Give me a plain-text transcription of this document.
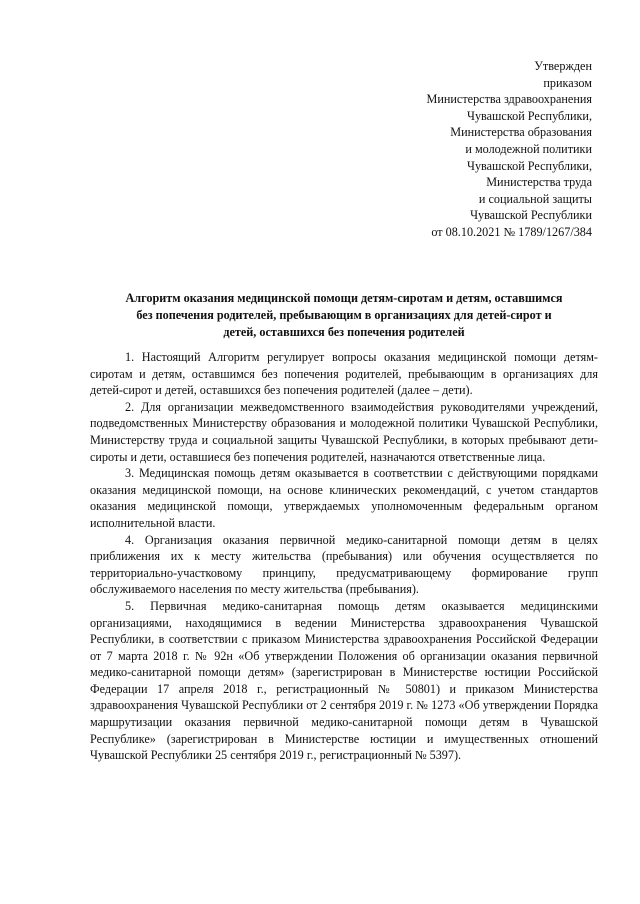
Утвержден
приказом
Министерства здравоохранения
Чувашской Республики,
Министерства образования
и молодежной политики
Чувашской Республики,
Министерства труда
и социальной защиты
Чувашской Республики
от 08.10.2021 № 1789/1267/384
Алгоритм оказания медицинской помощи детям-сиротам и детям, оставшимся
без попечения родителей, пребывающим в организациях для детей-сирот и
детей, оставшихся без попечения родителей

1. Настоящий Алгоритм регулирует вопросы оказания медицинской помощи детям-сиротам и детям, оставшимся без попечения родителей, пребывающим в организациях для детей-сирот и детей, оставшихся без попечения родителей (далее – дети).

2. Для организации межведомственного взаимодействия руководителями учреждений, подведомственных Министерству образования и молодежной политики Чувашской Республики, Министерству труда и социальной защиты Чувашской Республики, в которых пребывают дети-сироты и дети, оставшиеся без попечения родителей, назначаются ответственные лица.

3. Медицинская помощь детям оказывается в соответствии с действующими порядками оказания медицинской помощи, на основе клинических рекомендаций, с учетом стандартов оказания медицинской помощи, утверждаемых уполномоченным федеральным органом исполнительной власти.

4. Организация оказания первичной медико-санитарной помощи детям в целях приближения их к месту жительства (пребывания) или обучения осуществляется по территориально-участковому принципу, предусматривающему формирование групп обслуживаемого населения по месту жительства (пребывания).

5. Первичная медико-санитарная помощь детям оказывается медицинскими организациями, находящимися в ведении Министерства здравоохранения Чувашской Республики, в соответствии с приказом Министерства здравоохранения Российской Федерации от 7 марта 2018 г. № 92н «Об утверждении Положения об организации оказания первичной медико-санитарной помощи детям» (зарегистрирован в Министерстве юстиции Российской Федерации 17 апреля 2018 г., регистрационный № 50801) и приказом Министерства здравоохранения Чувашской Республики от 2 сентября 2019 г. № 1273 «Об утверждении Порядка маршрутизации оказания первичной медико-санитарной помощи детям в Чувашской Республике» (зарегистрирован в Министерстве юстиции и имущественных отношений Чувашской Республики 25 сентября 2019 г., регистрационный № 5397).
